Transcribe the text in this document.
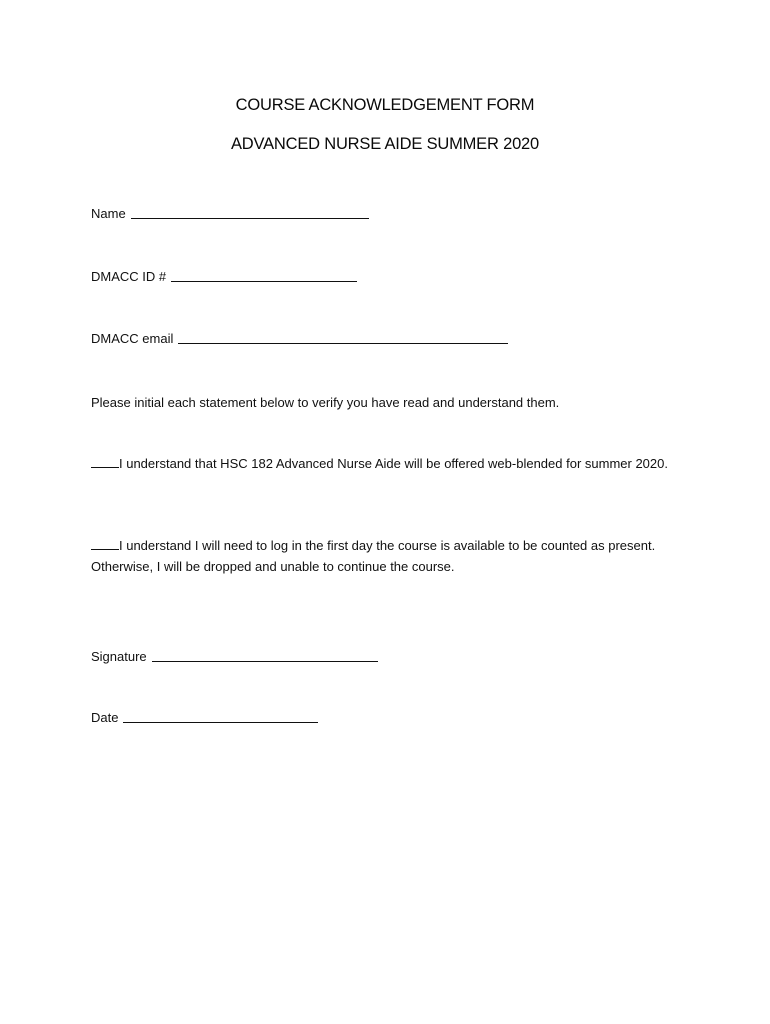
COURSE ACKNOWLEDGEMENT FORM
ADVANCED NURSE AIDE SUMMER 2020
Name
DMACC ID #
DMACC email
Please initial each statement below to verify you have read and understand them.
I understand that HSC 182 Advanced Nurse Aide will be offered web-blended for summer 2020.
I understand I will need to log in the first day the course is available to be counted as present. Otherwise, I will be dropped and unable to continue the course.
Signature
Date
